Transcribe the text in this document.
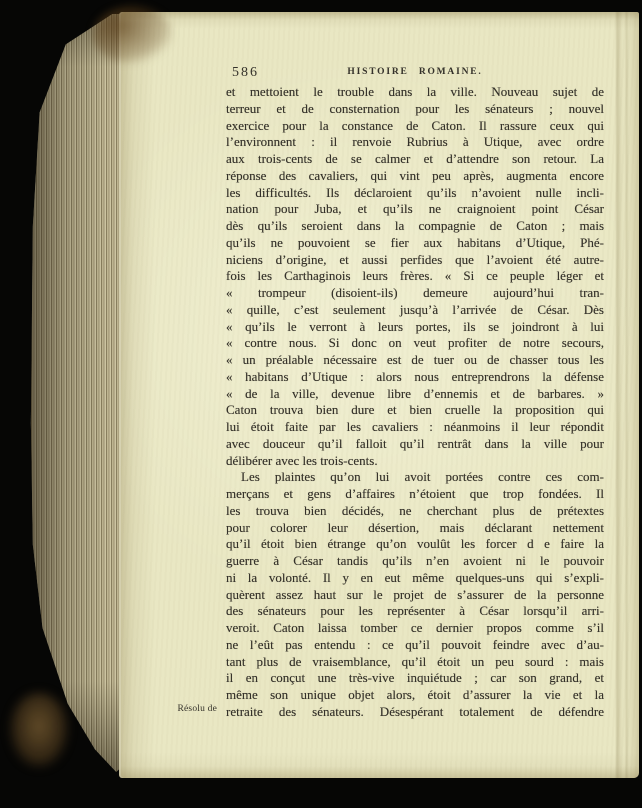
586	HISTOIRE ROMAINE.
et mettoient le trouble dans la ville. Nouveau sujet de
terreur et de consternation pour les sénateurs ; nouvel
exercice pour la constance de Caton. Il rassure ceux qui
l’environnent : il renvoie Rubrius à Utique, avec ordre
aux trois-cents de se calmer et d’attendre son retour. La
réponse des cavaliers, qui vint peu après, augmenta encore
les difficultés. Ils déclaroient qu’ils n’avoient nulle incli-
nation pour Juba, et qu’ils ne craignoient point César
dès qu’ils seroient dans la compagnie de Caton ; mais
qu’ils ne pouvoient se fier aux habitans d’Utique, Phé-
niciens d’origine, et aussi perfides que l’avoient été autre-
fois les Carthaginois leurs frères. « Si ce peuple léger et
« trompeur (disoient-ils) demeure aujourd’hui tran-
« quille, c’est seulement jusqu’à l’arrivée de César. Dès
« qu’ils le verront à leurs portes, ils se joindront à lui
« contre nous. Si donc on veut profiter de notre secours,
« un préalable nécessaire est de tuer ou de chasser tous les
« habitans d’Utique : alors nous entreprendrons la défense
« de la ville, devenue libre d’ennemis et de barbares. »
Caton trouva bien dure et bien cruelle la proposition qui
lui étoit faite par les cavaliers : néanmoins il leur répondit
avec douceur qu’il falloit qu’il rentrât dans la ville pour
délibérer avec les trois-cents.
Les plaintes qu’on lui avoit portées contre ces com-
merçans et gens d’affaires n’étoient que trop fondées. Il
les trouva bien décidés, ne cherchant plus de prétextes
pour colorer leur désertion, mais déclarant nettement
qu’il étoit bien étrange qu’on voulût les forcer d e faire la
guerre à César tandis qu’ils n’en avoient ni le pouvoir
ni la volonté. Il y en eut même quelques-uns qui s’expli-
quèrent assez haut sur le projet de s’assurer de la personne
des sénateurs pour les représenter à César lorsqu’il arri-
veroit. Caton laissa tomber ce dernier propos comme s’il
ne l’eût pas entendu : ce qu’il pouvoit feindre avec d’au-
tant plus de vraisemblance, qu’il étoit un peu sourd : mais
il en conçut une très-vive inquiétude ; car son grand, et
même son unique objet alors, étoit d’assurer la vie et la
retraite des sénateurs. Désespérant totalement de défendre
Résolu de
